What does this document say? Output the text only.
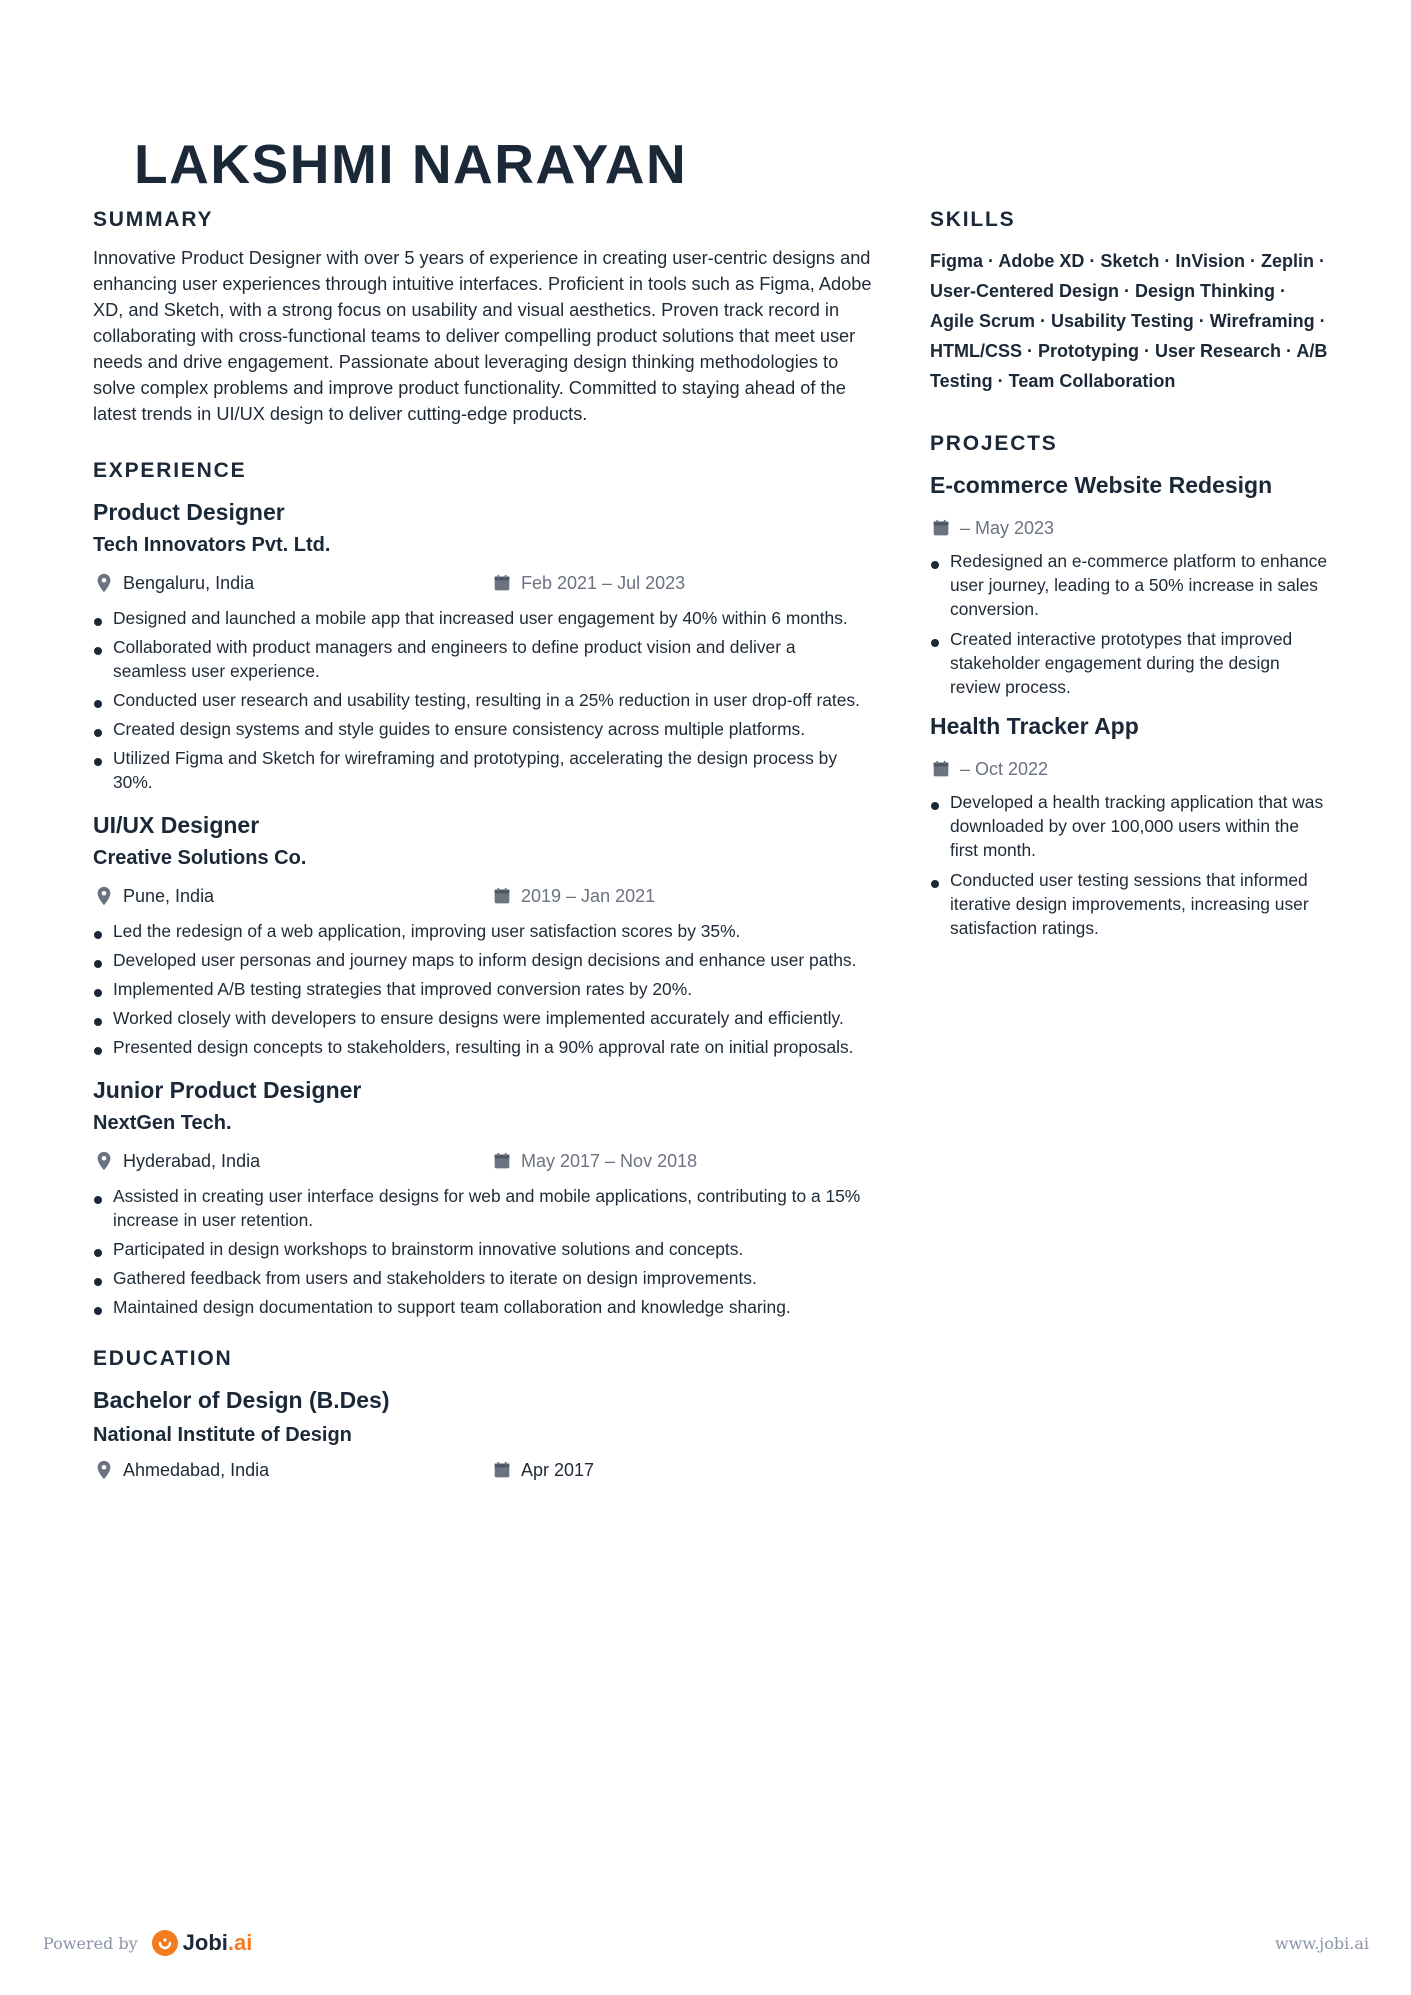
LAKSHMI NARAYAN
SUMMARY

Innovative Product Designer with over 5 years of experience in creating user-centric designs and enhancing user experiences through intuitive interfaces. Proficient in tools such as Figma, Adobe XD, and Sketch, with a strong focus on usability and visual aesthetics. Proven track record in collaborating with cross-functional teams to deliver compelling product solutions that meet user needs and drive engagement. Passionate about leveraging design thinking methodologies to solve complex problems and improve product functionality. Committed to staying ahead of the latest trends in UI/UX design to deliver cutting-edge products.

EXPERIENCE
Product Designer
Tech Innovators Pvt. Ltd.
Bengaluru, India	Feb 2021 – Jul 2023
Designed and launched a mobile app that increased user engagement by 40% within 6 months.
Collaborated with product managers and engineers to define product vision and deliver a seamless user experience.
Conducted user research and usability testing, resulting in a 25% reduction in user drop-off rates.
Created design systems and style guides to ensure consistency across multiple platforms.
Utilized Figma and Sketch for wireframing and prototyping, accelerating the design process by 30%.
UI/UX Designer
Creative Solutions Co.
Pune, India	2019 – Jan 2021
Led the redesign of a web application, improving user satisfaction scores by 35%.
Developed user personas and journey maps to inform design decisions and enhance user paths.
Implemented A/B testing strategies that improved conversion rates by 20%.
Worked closely with developers to ensure designs were implemented accurately and efficiently.
Presented design concepts to stakeholders, resulting in a 90% approval rate on initial proposals.
Junior Product Designer
NextGen Tech.
Hyderabad, India	May 2017 – Nov 2018
Assisted in creating user interface designs for web and mobile applications, contributing to a 15% increase in user retention.
Participated in design workshops to brainstorm innovative solutions and concepts.
Gathered feedback from users and stakeholders to iterate on design improvements.
Maintained design documentation to support team collaboration and knowledge sharing.
EDUCATION
Bachelor of Design (B.Des)
National Institute of Design
Ahmedabad, India	Apr 2017
SKILLS

Figma · Adobe XD · Sketch · InVision · Zeplin · User-Centered Design · Design Thinking · Agile Scrum · Usability Testing · Wireframing · HTML/CSS · Prototyping · User Research · A/B Testing · Team Collaboration

PROJECTS
E-commerce Website Redesign
– May 2023
Redesigned an e-commerce platform to enhance user journey, leading to a 50% increase in sales conversion.
Created interactive prototypes that improved stakeholder engagement during the design review process.
Health Tracker App
– Oct 2022
Developed a health tracking application that was downloaded by over 100,000 users within the first month.
Conducted user testing sessions that informed iterative design improvements, increasing user satisfaction ratings.
Powered by Jobi.ai	www.jobi.ai
